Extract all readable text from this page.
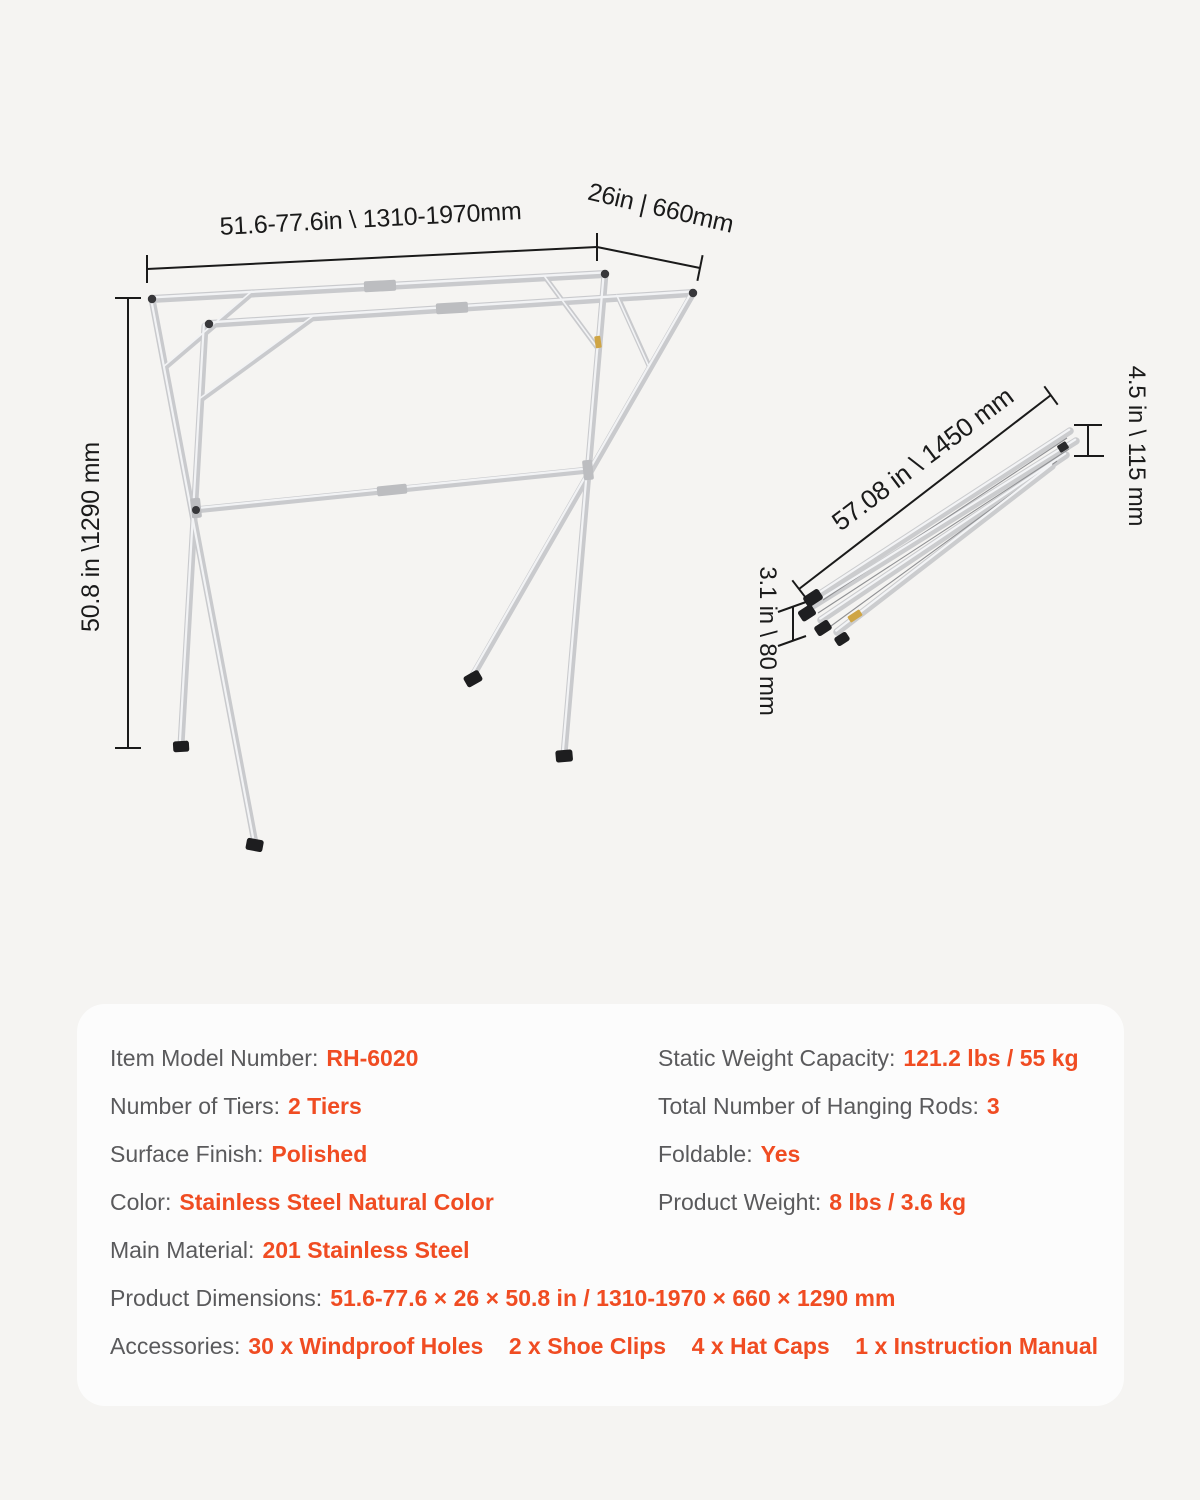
51.6-77.6in \ 1310-1970mm	26in | 660mm
50.8 in \1290 mm	57.08 in \ 1450 mm	4.5 in \ 115 mm
3.1 in \ 80 mm
Item Model Number: RH-6020
Number of Tiers: 2 Tiers
Surface Finish: Polished
Color: Stainless Steel Natural Color
Main Material: 201 Stainless Steel
Product Dimensions: 51.6-77.6 × 26 × 50.8 in / 1310-1970 × 660 × 1290 mm
Accessories: 30 x Windproof Holes    2 x Shoe Clips    4 x Hat Caps    1 x Instruction Manual
Static Weight Capacity: 121.2 lbs / 55 kg
Total Number of Hanging Rods: 3
Foldable: Yes
Product Weight: 8 lbs / 3.6 kg
